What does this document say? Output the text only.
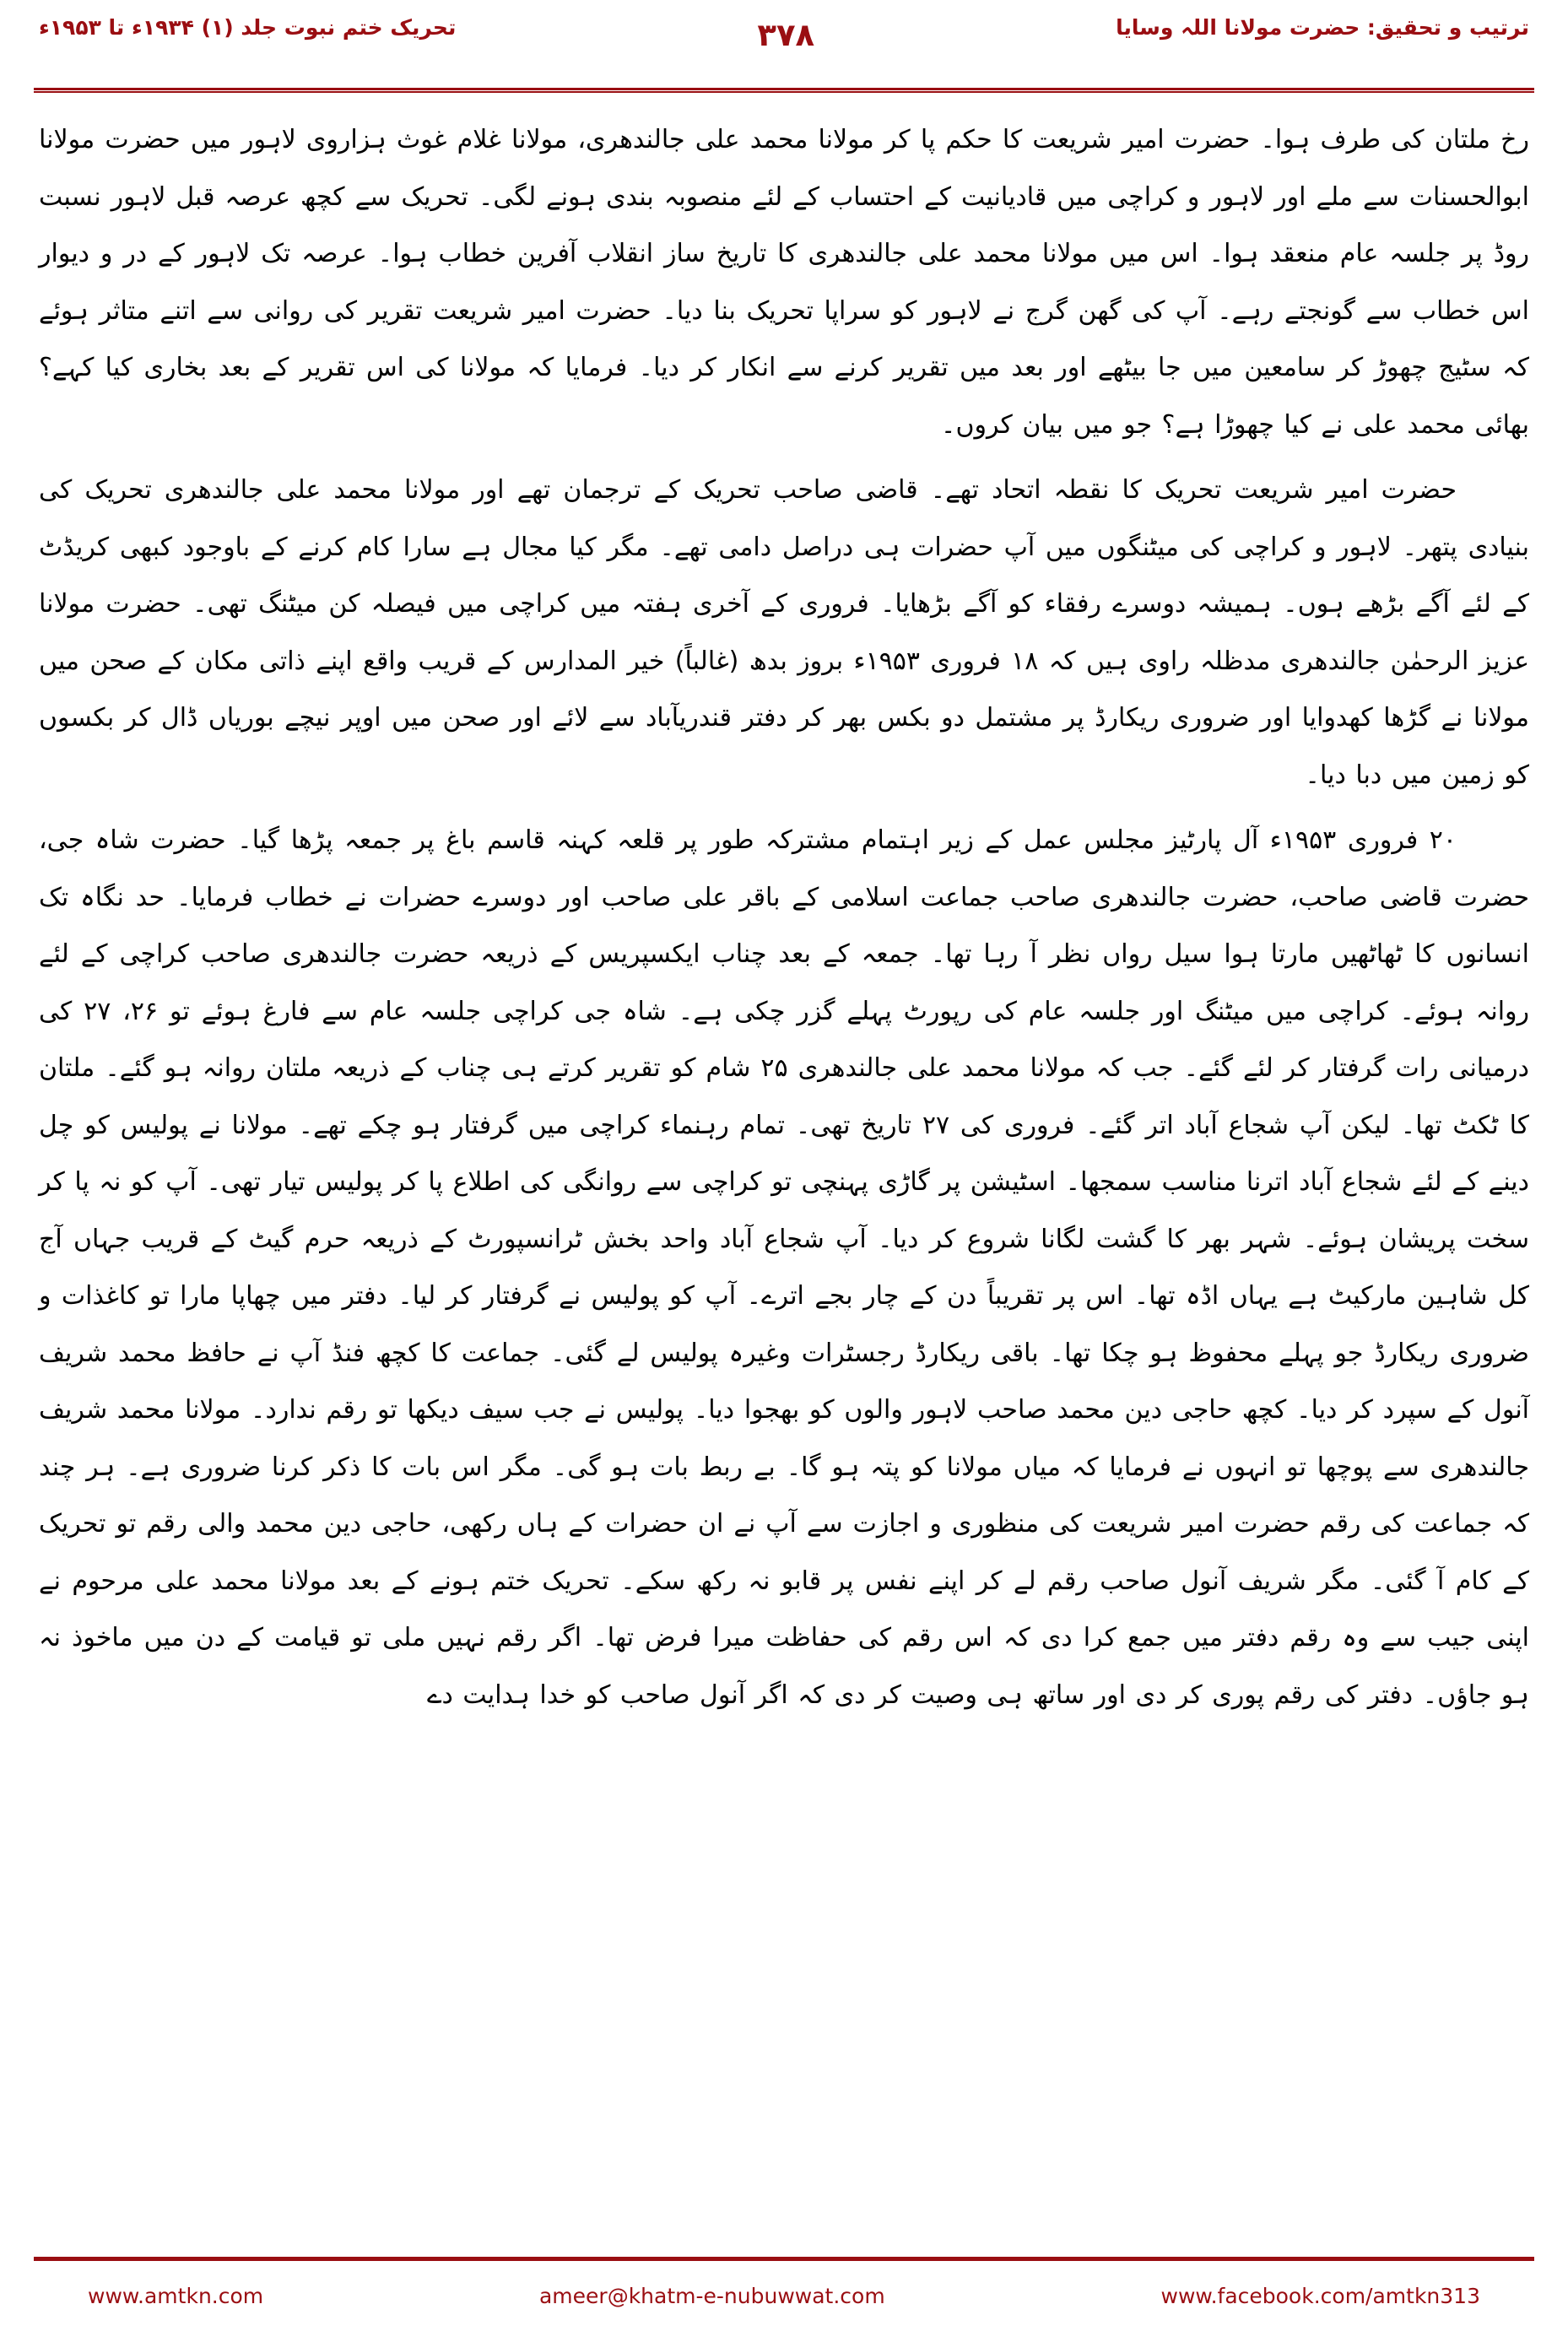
ترتیب و تحقیق: حضرت مولانا اللہ وسایا
۳۷۸
تحریک ختم نبوت جلد (۱) ۱۹۳۴ء تا ۱۹۵۳ء

رخ ملتان کی طرف ہوا۔ حضرت امیر شریعت کا حکم پا کر مولانا محمد علی جالندھری، مولانا غلام غوث ہزاروی لاہور میں حضرت مولانا ابوالحسنات سے ملے اور لاہور و کراچی میں قادیانیت کے احتساب کے لئے منصوبہ بندی ہونے لگی۔ تحریک سے کچھ عرصہ قبل لاہور نسبت روڈ پر جلسہ عام منعقد ہوا۔ اس میں مولانا محمد علی جالندھری کا تاریخ ساز انقلاب آفرین خطاب ہوا۔ عرصہ تک لاہور کے در و دیوار اس خطاب سے گونجتے رہے۔ آپ کی گھن گرج نے لاہور کو سراپا تحریک بنا دیا۔ حضرت امیر شریعت تقریر کی روانی سے اتنے متاثر ہوئے کہ سٹیج چھوڑ کر سامعین میں جا بیٹھے اور بعد میں تقریر کرنے سے انکار کر دیا۔ فرمایا کہ مولانا کی اس تقریر کے بعد بخاری کیا کہے؟ بھائی محمد علی نے کیا چھوڑا ہے؟ جو میں بیان کروں۔

حضرت امیر شریعت تحریک کا نقطہ اتحاد تھے۔ قاضی صاحب تحریک کے ترجمان تھے اور مولانا محمد علی جالندھری تحریک کی بنیادی پتھر۔ لاہور و کراچی کی میٹنگوں میں آپ حضرات ہی دراصل دامی تھے۔ مگر کیا مجال ہے سارا کام کرنے کے باوجود کبھی کریڈٹ کے لئے آگے بڑھے ہوں۔ ہمیشہ دوسرے رفقاء کو آگے بڑھایا۔ فروری کے آخری ہفتہ میں کراچی میں فیصلہ کن میٹنگ تھی۔ حضرت مولانا عزیز الرحمٰن جالندھری مدظلہ راوی ہیں کہ ۱۸ فروری ۱۹۵۳ء بروز بدھ (غالباً) خیر المدارس کے قریب واقع اپنے ذاتی مکان کے صحن میں مولانا نے گڑھا کھدوایا اور ضروری ریکارڈ پر مشتمل دو بکس بھر کر دفتر قندریآباد سے لائے اور صحن میں اوپر نیچے بوریاں ڈال کر بکسوں کو زمین میں دبا دیا۔

۲۰ فروری ۱۹۵۳ء آل پارٹیز مجلس عمل کے زیر اہتمام مشترکہ طور پر قلعہ کہنہ قاسم باغ پر جمعہ پڑھا گیا۔ حضرت شاہ جی، حضرت قاضی صاحب، حضرت جالندھری صاحب جماعت اسلامی کے باقر علی صاحب اور دوسرے حضرات نے خطاب فرمایا۔ حد نگاہ تک انسانوں کا ٹھاٹھیں مارتا ہوا سیل رواں نظر آ رہا تھا۔ جمعہ کے بعد چناب ایکسپریس کے ذریعہ حضرت جالندھری صاحب کراچی کے لئے روانہ ہوئے۔ کراچی میں میٹنگ اور جلسہ عام کی رپورٹ پہلے گزر چکی ہے۔ شاہ جی کراچی جلسہ عام سے فارغ ہوئے تو ۲۶، ۲۷ کی درمیانی رات گرفتار کر لئے گئے۔ جب کہ مولانا محمد علی جالندھری ۲۵ شام کو تقریر کرتے ہی چناب کے ذریعہ ملتان روانہ ہو گئے۔ ملتان کا ٹکٹ تھا۔ لیکن آپ شجاع آباد اتر گئے۔ فروری کی ۲۷ تاریخ تھی۔ تمام رہنماء کراچی میں گرفتار ہو چکے تھے۔ مولانا نے پولیس کو چل دینے کے لئے شجاع آباد اترنا مناسب سمجھا۔ اسٹیشن پر گاڑی پہنچی تو کراچی سے روانگی کی اطلاع پا کر پولیس تیار تھی۔ آپ کو نہ پا کر سخت پریشان ہوئے۔ شہر بھر کا گشت لگانا شروع کر دیا۔ آپ شجاع آباد واحد بخش ٹرانسپورٹ کے ذریعہ حرم گیٹ کے قریب جہاں آج کل شاہین مارکیٹ ہے یہاں اڈہ تھا۔ اس پر تقریباً دن کے چار بجے اترے۔ آپ کو پولیس نے گرفتار کر لیا۔ دفتر میں چھاپا مارا تو کاغذات و ضروری ریکارڈ جو پہلے محفوظ ہو چکا تھا۔ باقی ریکارڈ رجسٹرات وغیرہ پولیس لے گئی۔ جماعت کا کچھ فنڈ آپ نے حافظ محمد شریف آنول کے سپرد کر دیا۔ کچھ حاجی دین محمد صاحب لاہور والوں کو بھجوا دیا۔ پولیس نے جب سیف دیکھا تو رقم ندارد۔ مولانا محمد شریف جالندھری سے پوچھا تو انہوں نے فرمایا کہ میاں مولانا کو پتہ ہو گا۔ بے ربط بات ہو گی۔ مگر اس بات کا ذکر کرنا ضروری ہے۔ ہر چند کہ جماعت کی رقم حضرت امیر شریعت کی منظوری و اجازت سے آپ نے ان حضرات کے ہاں رکھی، حاجی دین محمد والی رقم تو تحریک کے کام آ گئی۔ مگر شریف آنول صاحب رقم لے کر اپنے نفس پر قابو نہ رکھ سکے۔ تحریک ختم ہونے کے بعد مولانا محمد علی مرحوم نے اپنی جیب سے وہ رقم دفتر میں جمع کرا دی کہ اس رقم کی حفاظت میرا فرض تھا۔ اگر رقم نہیں ملی تو قیامت کے دن میں ماخوذ نہ ہو جاؤں۔ دفتر کی رقم پوری کر دی اور ساتھ ہی وصیت کر دی کہ اگر آنول صاحب کو خدا ہدایت دے

www.amtkn.com	ameer@khatm-e-nubuwwat.com	www.facebook.com/amtkn313
